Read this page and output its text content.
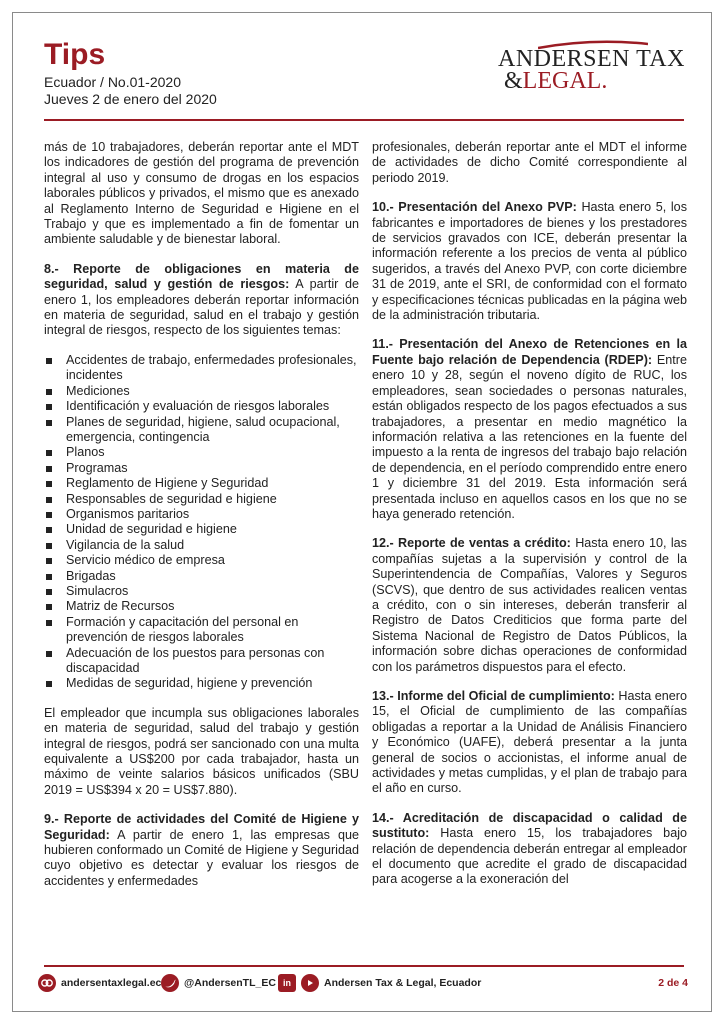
Tips
Ecuador / No.01-2020
Jueves 2 de enero del 2020
ANDERSEN TAX
&LEGAL.

más de 10 trabajadores, deberán reportar ante el MDT los indicadores de gestión del programa de prevención integral al uso y consumo de drogas en los espacios laborales públicos y privados, el mismo que es anexado al Reglamento Interno de Seguridad e Higiene en el Trabajo y que es implementado a fin de fomentar un ambiente saludable y de bienestar laboral.

8.- Reporte de obligaciones en materia de seguridad, salud y gestión de riesgos: A partir de enero 1, los empleadores deberán reportar información en materia de seguridad, salud en el trabajo y gestión integral de riesgos, respecto de los siguientes temas:

Accidentes de trabajo, enfermedades profesionales, incidentes
Mediciones
Identificación y evaluación de riesgos laborales
Planes de seguridad, higiene, salud ocupacional, emergencia, contingencia
Planos
Programas
Reglamento de Higiene y Seguridad
Responsables de seguridad e higiene
Organismos paritarios
Unidad de seguridad e higiene
Vigilancia de la salud
Servicio médico de empresa
Brigadas
Simulacros
Matriz de Recursos
Formación y capacitación del personal en prevención de riesgos laborales
Adecuación de los puestos para personas con discapacidad
Medidas de seguridad, higiene y prevención

El empleador que incumpla sus obligaciones laborales en materia de seguridad, salud del trabajo y gestión integral de riesgos, podrá ser sancionado con una multa equivalente a US$200 por cada trabajador, hasta un máximo de veinte salarios básicos unificados (SBU 2019 = US$394 x 20 = US$7.880).

9.- Reporte de actividades del Comité de Higiene y Seguridad: A partir de enero 1, las empresas que hubieren conformado un Comité de Higiene y Seguridad cuyo objetivo es detectar y evaluar los riesgos de accidentes y enfermedades

profesionales, deberán reportar ante el MDT el informe de actividades de dicho Comité correspondiente al periodo 2019.

10.- Presentación del Anexo PVP: Hasta enero 5, los fabricantes e importadores de bienes y los prestadores de servicios gravados con ICE, deberán presentar la información referente a los precios de venta al público sugeridos, a través del Anexo PVP, con corte diciembre 31 de 2019, ante el SRI, de conformidad con el formato y especificaciones técnicas publicadas en la página web de la administración tributaria.

11.- Presentación del Anexo de Retenciones en la Fuente bajo relación de Dependencia (RDEP): Entre enero 10 y 28, según el noveno dígito de RUC, los empleadores, sean sociedades o personas naturales, están obligados respecto de los pagos efectuados a sus trabajadores, a presentar en medio magnético la información relativa a las retenciones en la fuente del impuesto a la renta de ingresos del trabajo bajo relación de dependencia, en el período comprendido entre enero 1 y diciembre 31 del 2019. Esta información será presentada incluso en aquellos casos en los que no se haya generado retención.

12.- Reporte de ventas a crédito: Hasta enero 10, las compañías sujetas a la supervisión y control de la Superintendencia de Compañías, Valores y Seguros (SCVS), que dentro de sus actividades realicen ventas a crédito, con o sin intereses, deberán transferir al Registro de Datos Crediticios que forma parte del Sistema Nacional de Registro de Datos Públicos, la información sobre dichas operaciones de conformidad con los parámetros dispuestos para el efecto.

13.- Informe del Oficial de cumplimiento: Hasta enero 15, el Oficial de cumplimiento de las compañías obligadas a reportar a la Unidad de Análisis Financiero y Económico (UAFE), deberá presentar a la junta general de socios o accionistas, el informe anual de actividades y metas cumplidas, y el plan de trabajo para el año en curso.

14.- Acreditación de discapacidad o calidad de sustituto: Hasta enero 15, los trabajadores bajo relación de dependencia deberán entregar al empleador el documento que acredite el grado de discapacidad para acogerse a la exoneración del

andersentaxlegal.ec @AndersenTL_EC in	Andersen Tax & Legal, Ecuador	2 de 4
